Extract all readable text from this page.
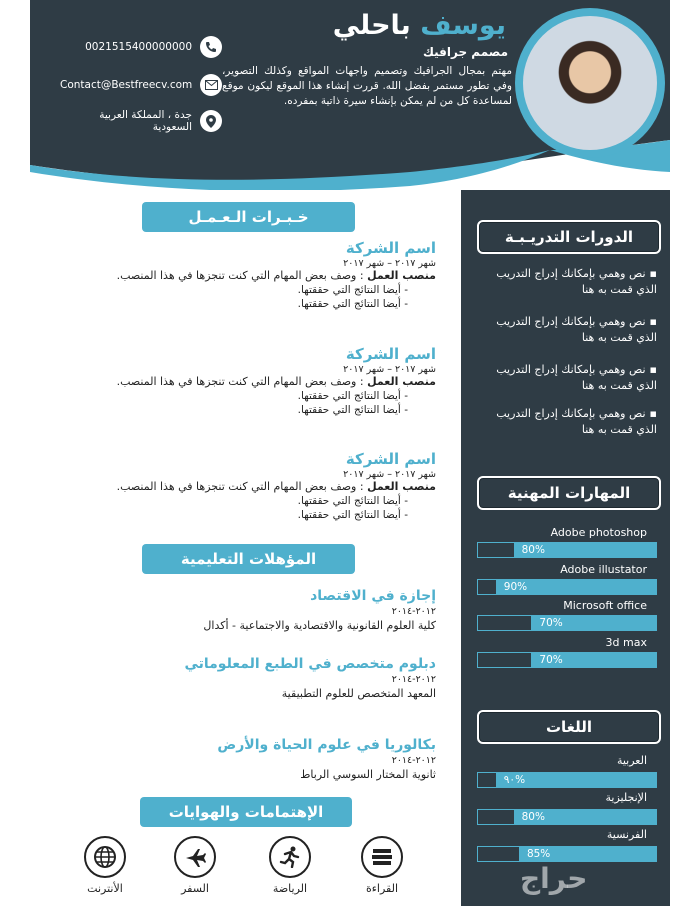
يوسف باحلي
مصمم جرافيك
مهتم بمجال الجرافيك وتصميم واجهات المواقع وكذلك التصوير، وفي تطور مستمر بفضل الله. قررت إنشاء هذا الموقع ليكون موقع لمساعدة كل من لم يمكن بإنشاء سيرة ذاتية بمفرده.
0021515400000000
Contact@Bestfreecv.com
جدة ، المملكة العربية السعودية
الدورات التدريـبـة
▪نص وهمي بإمكانك إدراج التدريب الذي قمت به هنا
▪نص وهمي بإمكانك إدراج التدريب الذي قمت به هنا
▪نص وهمي بإمكانك إدراج التدريب الذي قمت به هنا
▪نص وهمي بإمكانك إدراج التدريب الذي قمت به هنا
المهارات المهنية
Adobe photoshop
80%
Adobe illustator
90%
Microsoft office
70%
3d max
70%
اللغات
العربية
٩٠%
الإنجليزية
80%
الفرنسية
85%
خـبـرات الـعـمـل
اسم الشركة
شهر ٢٠١٧ – شهر ٢٠١٧
منصب العمل : وصف بعض المهام التي كنت تنجزها في هذا المنصب.
- أيضا النتائج التي حققتها.
- أيضا النتائج التي حققتها.
اسم الشركة
شهر ٢٠١٧ – شهر ٢٠١٧
منصب العمل : وصف بعض المهام التي كنت تنجزها في هذا المنصب.
- أيضا النتائج التي حققتها.
- أيضا النتائج التي حققتها.
اسم الشركة
شهر ٢٠١٧ – شهر ٢٠١٧
منصب العمل : وصف بعض المهام التي كنت تنجزها في هذا المنصب.
- أيضا النتائج التي حققتها.
- أيضا النتائج التي حققتها.
المؤهلات التعليمية
إجازة في الاقتصاد
٢٠١٢-٢٠١٤
كلية العلوم القانونية والاقتصادية والاجتماعية - أكدال
دبلوم متخصص في الطبع المعلوماتي
٢٠١٢-٢٠١٤
المعهد المتخصص للعلوم التطبيقية
بكالوريا في علوم الحياة والأرض
٢٠١٢-٢٠١٤
ثانوية المختار السوسي الرباط
الإهتمامات والهوايات
القراءة
الرياضة
السفر
الأنترنت	حراج
